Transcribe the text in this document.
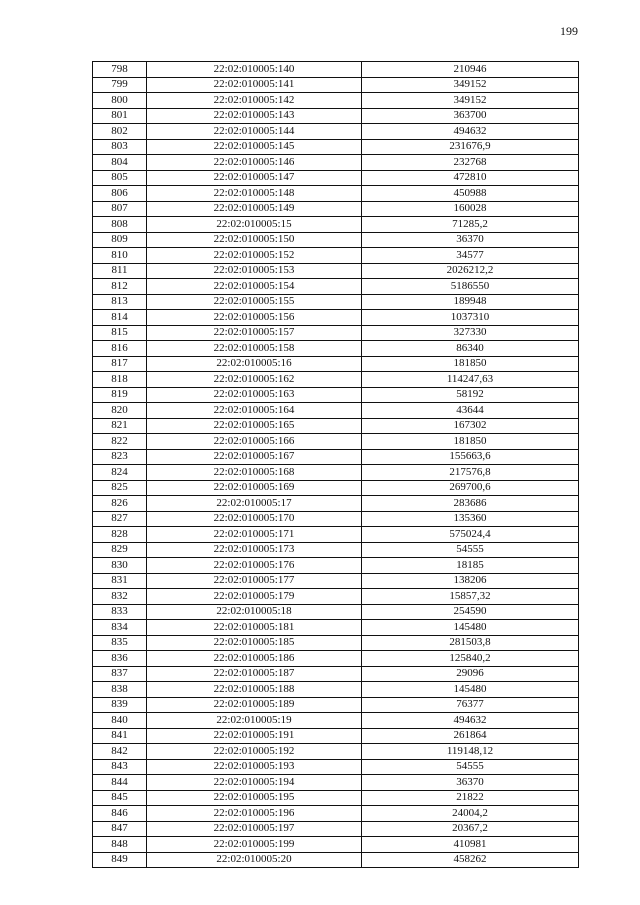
199
798	22:02:010005:140	210946
799	22:02:010005:141	349152
800	22:02:010005:142	349152
801	22:02:010005:143	363700
802	22:02:010005:144	494632
803	22:02:010005:145	231676,9
804	22:02:010005:146	232768
805	22:02:010005:147	472810
806	22:02:010005:148	450988
807	22:02:010005:149	160028
808	22:02:010005:15	71285,2
809	22:02:010005:150	36370
810	22:02:010005:152	34577
811	22:02:010005:153	2026212,2
812	22:02:010005:154	5186550
813	22:02:010005:155	189948
814	22:02:010005:156	1037310
815	22:02:010005:157	327330
816	22:02:010005:158	86340
817	22:02:010005:16	181850
818	22:02:010005:162	114247,63
819	22:02:010005:163	58192
820	22:02:010005:164	43644
821	22:02:010005:165	167302
822	22:02:010005:166	181850
823	22:02:010005:167	155663,6
824	22:02:010005:168	217576,8
825	22:02:010005:169	269700,6
826	22:02:010005:17	283686
827	22:02:010005:170	135360
828	22:02:010005:171	575024,4
829	22:02:010005:173	54555
830	22:02:010005:176	18185
831	22:02:010005:177	138206
832	22:02:010005:179	15857,32
833	22:02:010005:18	254590
834	22:02:010005:181	145480
835	22:02:010005:185	281503,8
836	22:02:010005:186	125840,2
837	22:02:010005:187	29096
838	22:02:010005:188	145480
839	22:02:010005:189	76377
840	22:02:010005:19	494632
841	22:02:010005:191	261864
842	22:02:010005:192	119148,12
843	22:02:010005:193	54555
844	22:02:010005:194	36370
845	22:02:010005:195	21822
846	22:02:010005:196	24004,2
847	22:02:010005:197	20367,2
848	22:02:010005:199	410981
849	22:02:010005:20	458262
